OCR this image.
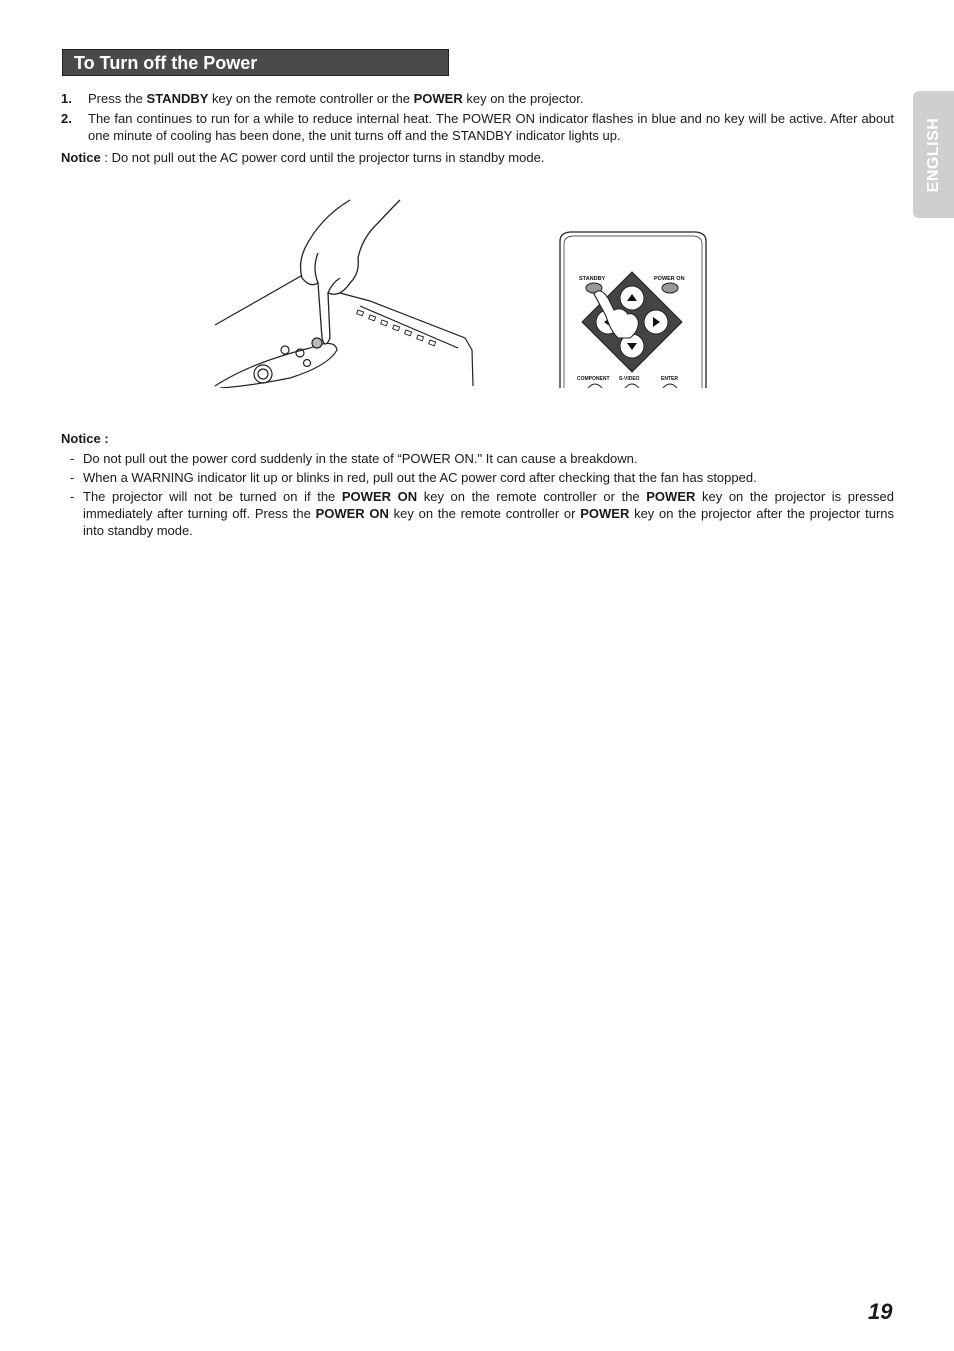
To Turn off the Power
1. Press the STANDBY key on the remote controller or the POWER key on the projector.
2. The fan continues to run for a while to reduce internal heat. The POWER ON indicator flashes in blue and no key will be active. After about one minute of cooling has been done, the unit turns off and the STANDBY indicator lights up.
Notice : Do not pull out the AC power cord until the projector turns in standby mode.	ENGLISH
STANDBY	POWER ON
COMPONENT S-VIDEO	ENTER
Notice :
- Do not pull out the power cord suddenly in the state of “POWER ON." It can cause a breakdown.
- When a WARNING indicator lit up or blinks in red, pull out the AC power cord after checking that the fan has stopped.
- The projector will not be turned on if the POWER ON key on the remote controller or the POWER key on the projector is pressed immediately after turning off. Press the POWER ON key on the remote controller or POWER key on the projector after the projector turns into standby mode.
19
